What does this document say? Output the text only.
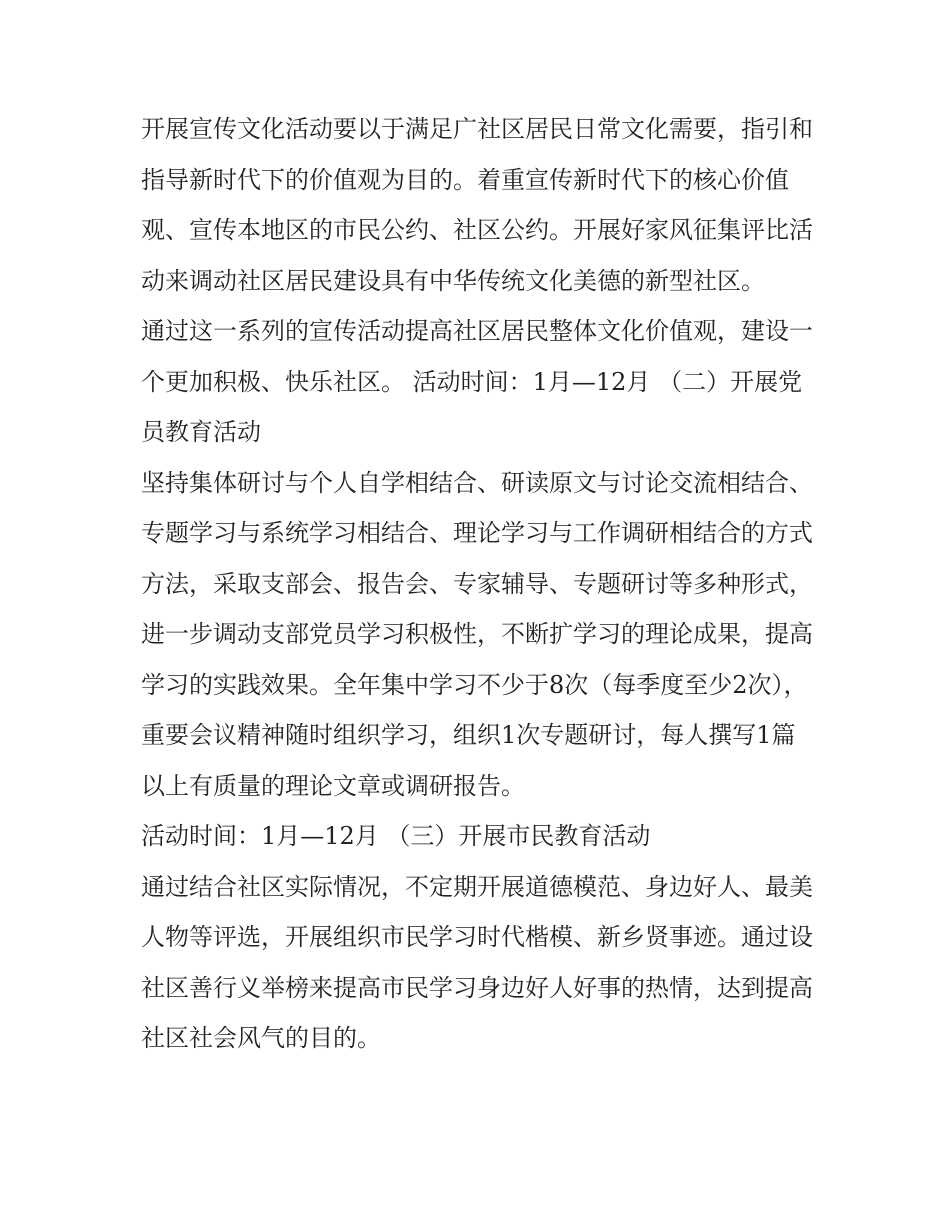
开展宣传文化活动要以于满足广社区居民日常文化需要，指引和指导新时代下的价值观为目的。着重宣传新时代下的核心价值观、宣传本地区的市民公约、社区公约。开展好家风征集评比活动来调动社区居民建设具有中华传统文化美德的新型社区。

通过这一系列的宣传活动提高社区居民整体文化价值观，建设一个更加积极、快乐社区。 活动时间：1月—12月 （二）开展党员教育活动

坚持集体研讨与个人自学相结合、研读原文与讨论交流相结合、专题学习与系统学习相结合、理论学习与工作调研相结合的方式方法，采取支部会、报告会、专家辅导、专题研讨等多种形式，进一步调动支部党员学习积极性，不断扩学习的理论成果，提高学习的实践效果。全年集中学习不少于8次（每季度至少2次），重要会议精神随时组织学习，组织1次专题研讨，每人撰写1篇以上有质量的理论文章或调研报告。

活动时间：1月—12月 （三）开展市民教育活动

通过结合社区实际情况，不定期开展道德模范、身边好人、最美人物等评选，开展组织市民学习时代楷模、新乡贤事迹。通过设社区善行义举榜来提高市民学习身边好人好事的热情，达到提高社区社会风气的目的。
